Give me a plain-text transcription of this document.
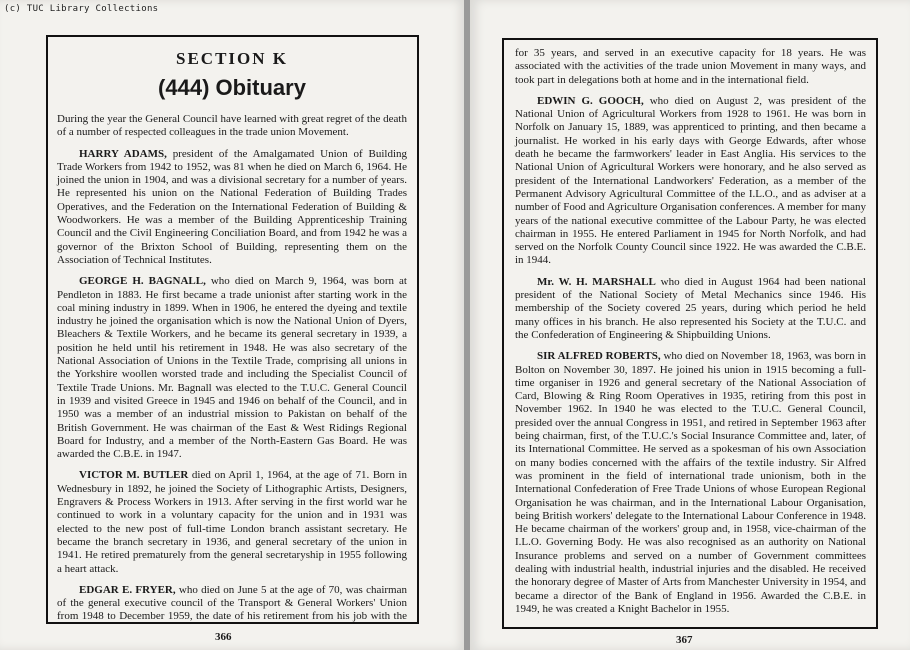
(c) TUC Library Collections
SECTION K
(444) Obituary

During the year the General Council have learned with great regret of the death of a number of respected colleagues in the trade union Movement.

HARRY ADAMS, president of the Amalgamated Union of Building Trade Workers from 1942 to 1952, was 81 when he died on March 6, 1964. He joined the union in 1904, and was a divisional secretary for a number of years. He represented his union on the National Federation of Building Trades Operatives, and the Federation on the International Federation of Building & Woodworkers. He was a member of the Building Apprenticeship Training Council and the Civil Engineering Conciliation Board, and from 1942 he was a governor of the Brixton School of Building, representing them on the Association of Technical Institutes.

GEORGE H. BAGNALL, who died on March 9, 1964, was born at Pendleton in 1883. He first became a trade unionist after starting work in the coal mining industry in 1899. When in 1906, he entered the dyeing and textile industry he joined the organisation which is now the National Union of Dyers, Bleachers & Textile Workers, and he became its general secretary in 1939, a position he held until his retirement in 1948. He was also secretary of the National Association of Unions in the Textile Trade, comprising all unions in the Yorkshire woollen worsted trade and including the Specialist Council of Textile Trade Unions. Mr. Bagnall was elected to the T.U.C. General Council in 1939 and visited Greece in 1945 and 1946 on behalf of the Council, and in 1950 was a member of an industrial mission to Pakistan on behalf of the British Government. He was chairman of the East & West Ridings Regional Board for Industry, and a member of the North-Eastern Gas Board. He was awarded the C.B.E. in 1947.

VICTOR M. BUTLER died on April 1, 1964, at the age of 71. Born in Wednesbury in 1892, he joined the Society of Lithographic Artists, Designers, Engravers & Process Workers in 1913. After serving in the first world war he continued to work in a voluntary capacity for the union and in 1931 was elected to the new post of full-time London branch assistant secretary. He became the branch secretary in 1936, and general secretary of the union in 1941. He retired prematurely from the general secretaryship in 1955 following a heart attack.

EDGAR E. FRYER, who died on June 5 at the age of 70, was chairman of the general executive council of the Transport & General Workers' Union from 1948 to December 1959, the date of his retirement from his job with the

366

for 35 years, and served in an executive capacity for 18 years. He was associated with the activities of the trade union Movement in many ways, and took part in delegations both at home and in the international field.

EDWIN G. GOOCH, who died on August 2, was president of the National Union of Agricultural Workers from 1928 to 1961. He was born in Norfolk on January 15, 1889, was apprenticed to printing, and then became a journalist. He worked in his early days with George Edwards, after whose death he became the farmworkers' leader in East Anglia. His services to the National Union of Agricultural Workers were honorary, and he also served as president of the International Landworkers' Federation, as a member of the Permanent Advisory Agricultural Committee of the I.L.O., and as adviser at a number of Food and Agriculture Organisation conferences. A member for many years of the national executive committee of the Labour Party, he was elected chairman in 1955. He entered Parliament in 1945 for North Norfolk, and had served on the Norfolk County Council since 1922. He was awarded the C.B.E. in 1944.

Mr. W. H. MARSHALL who died in August 1964 had been national president of the National Society of Metal Mechanics since 1946. His membership of the Society covered 25 years, during which period he held many offices in his branch. He also represented his Society at the T.U.C. and the Confederation of Engineering & Shipbuilding Unions.

SIR ALFRED ROBERTS, who died on November 18, 1963, was born in Bolton on November 30, 1897. He joined his union in 1915 becoming a full-time organiser in 1926 and general secretary of the National Association of Card, Blowing & Ring Room Operatives in 1935, retiring from this post in November 1962. In 1940 he was elected to the T.U.C. General Council, presided over the annual Congress in 1951, and retired in September 1963 after being chairman, first, of the T.U.C.'s Social Insurance Committee and, later, of its International Committee. He served as a spokesman of his own Association on many bodies concerned with the affairs of the textile industry. Sir Alfred was prominent in the field of international trade unionism, both in the International Confederation of Free Trade Unions of whose European Regional Organisation he was chairman, and in the International Labour Organisation, being British workers' delegate to the International Labour Conference in 1948. He became chairman of the workers' group and, in 1958, vice-chairman of the I.L.O. Governing Body. He was also recognised as an authority on National Insurance problems and served on a number of Government committees dealing with industrial health, industrial injuries and the disabled. He received the honorary degree of Master of Arts from Manchester University in 1954, and became a director of the Bank of England in 1956. Awarded the C.B.E. in 1949, he was created a Knight Bachelor in 1955.

367
